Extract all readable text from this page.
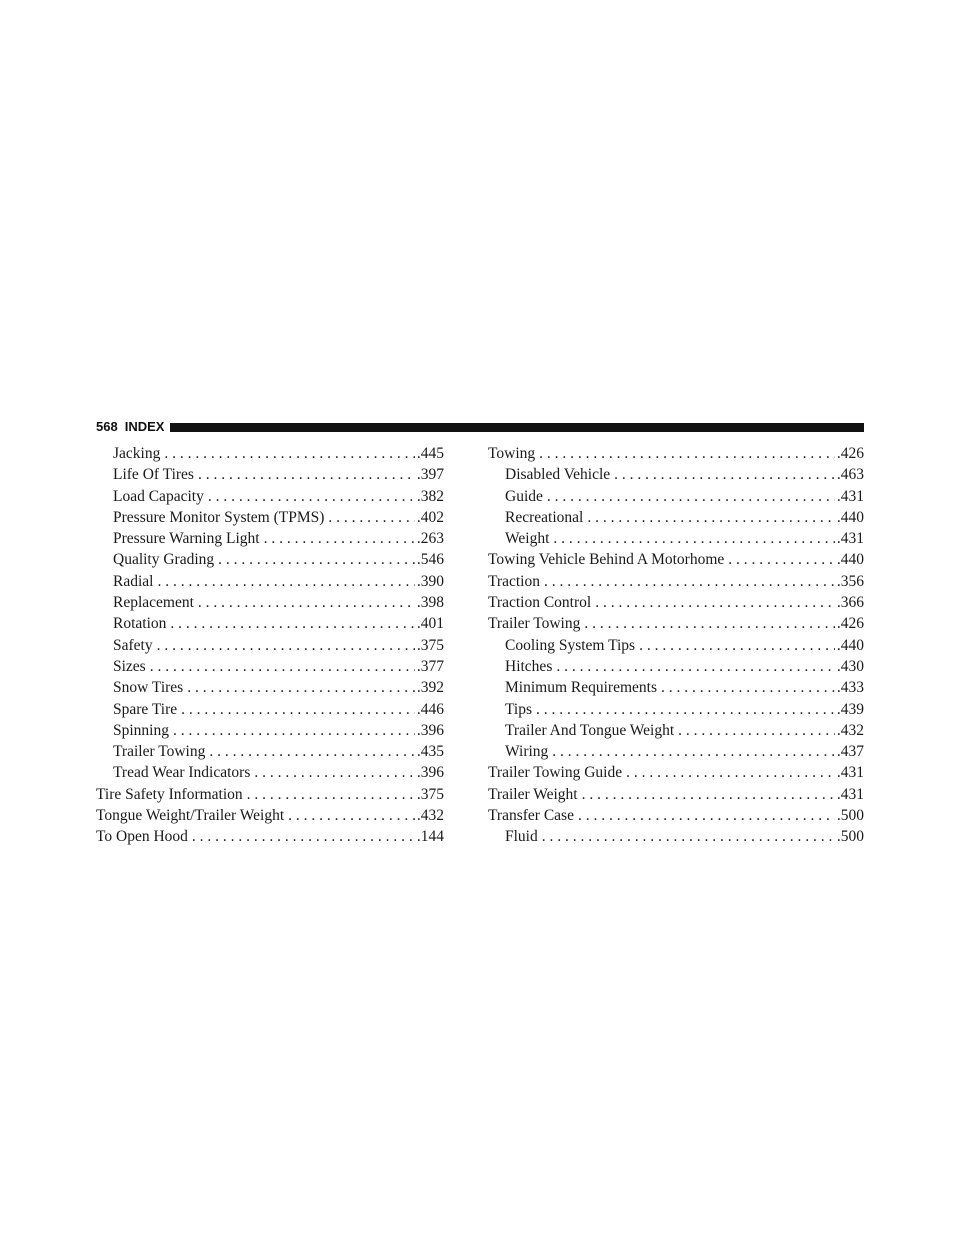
568 INDEX
Jacking . . .	.445
Life Of Tires . . .	.397
Load Capacity . . .	.382
Pressure Monitor System (TPMS) . . .	.402
Pressure Warning Light . . .	.263
Quality Grading . . .	.546
Radial . . .	.390
Replacement . . .	.398
Rotation . . .	.401
Safety . . .	.375
Sizes . . .	.377
Snow Tires . . .	.392
Spare Tire . . .	.446
Spinning . . .	.396
Trailer Towing . . .	.435
Tread Wear Indicators . . .	.396
Tire Safety Information . . .	.375
Tongue Weight/Trailer Weight . . .	.432
To Open Hood . . .	.144
Towing . . .	.426
Disabled Vehicle . . .	.463
Guide . . .	.431
Recreational . . .	.440
Weight . . .	.431
Towing Vehicle Behind A Motorhome . . .	.440
Traction . . .	.356
Traction Control . . .	.366
Trailer Towing . . .	.426
Cooling System Tips . . .	.440
Hitches . . .	.430
Minimum Requirements . . .	.433
Tips . . .	.439
Trailer And Tongue Weight . . .	.432
Wiring . . .	.437
Trailer Towing Guide . . .	.431
Trailer Weight . . .	.431
Transfer Case . . .	.500
Fluid . . .	.500
